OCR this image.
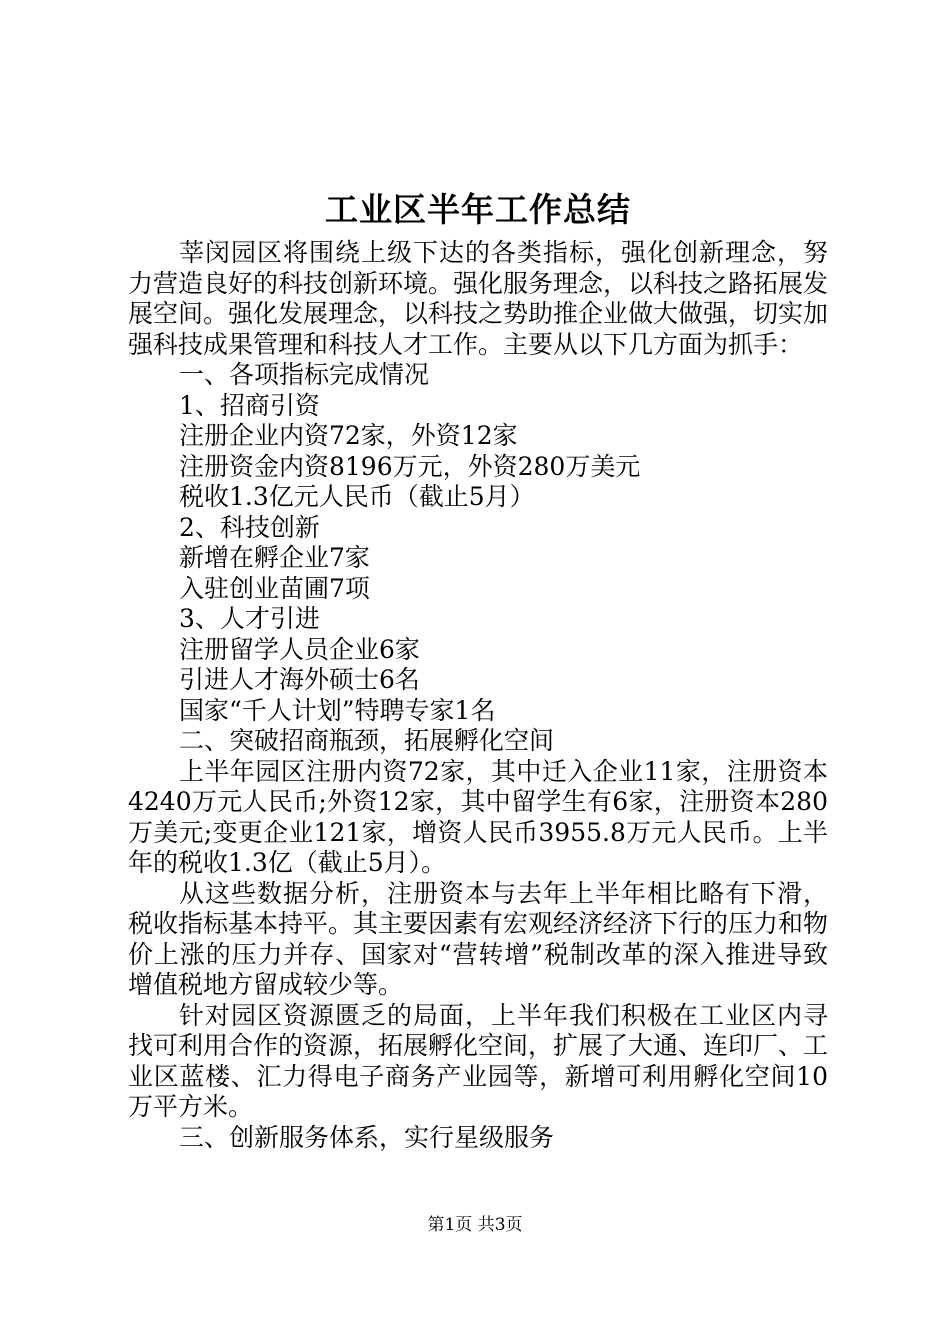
工业区半年工作总结

莘闵园区将围绕上级下达的各类指标，强化创新理念，努力营造良好的科技创新环境。强化服务理念，以科技之路拓展发展空间。强化发展理念，以科技之势助推企业做大做强，切实加强科技成果管理和科技人才工作。主要从以下几方面为抓手：

一、各项指标完成情况
1、招商引资
注册企业内资72家，外资12家
注册资金内资8196万元，外资280万美元
税收1.3亿元人民币（截止5月）
2、科技创新
新增在孵企业7家
入驻创业苗圃7项
3、人才引进
注册留学人员企业6家
引进人才海外硕士6名
国家“千人计划”特聘专家1名
二、突破招商瓶颈，拓展孵化空间

上半年园区注册内资72家，其中迁入企业11家，注册资本4240万元人民币;外资12家，其中留学生有6家，注册资本280万美元;变更企业121家，增资人民币3955.8万元人民币。上半年的税收1.3亿（截止5月）。

从这些数据分析，注册资本与去年上半年相比略有下滑，税收指标基本持平。其主要因素有宏观经济经济下行的压力和物价上涨的压力并存、国家对“营转增”税制改革的深入推进导致增值税地方留成较少等。

针对园区资源匮乏的局面，上半年我们积极在工业区内寻找可利用合作的资源，拓展孵化空间，扩展了大通、连印厂、工业区蓝楼、汇力得电子商务产业园等，新增可利用孵化空间10万平方米。

三、创新服务体系，实行星级服务
第1页 共3页
